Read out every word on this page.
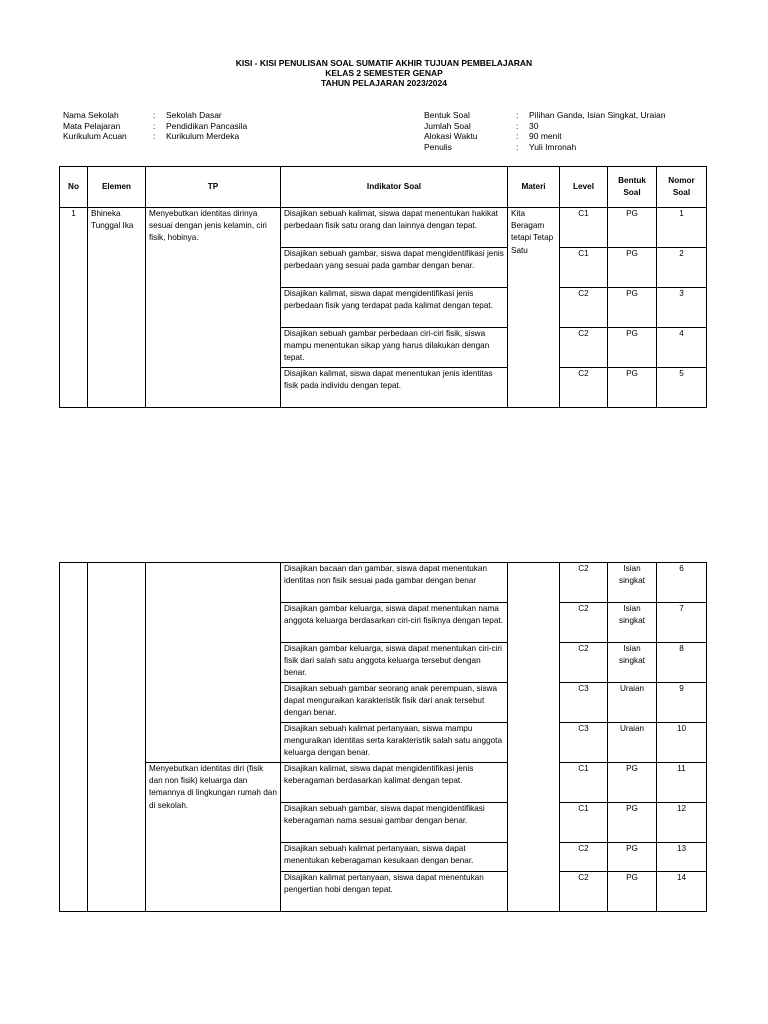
KISI - KISI PENULISAN SOAL SUMATIF AKHIR TUJUAN PEMBELAJARAN
KELAS 2 SEMESTER GENAP
TAHUN PELAJARAN 2023/2024
Nama Sekolah	:	Sekolah Dasar
Mata Pelajaran	:	Pendidikan Pancasila
Kurikulum Acuan	:	Kurikulum Merdeka
Bentuk Soal	:	Pilihan Ganda, Isian Singkat, Uraian
Jumlah Soal	:	30
Alokasi Waktu	:	90 menit
Penulis	:	Yuli Imronah
No	Elemen	TP	Indikator Soal	Materi	Level	Bentuk Soal	Nomor Soal
1	Bhineka Tunggal Ika	Menyebutkan identitas dirinya sesuai dengan jenis kelamin, ciri fisik, hobinya.	Disajikan sebuah kalimat, siswa dapat menentukan hakikat perbedaan fisik satu orang dan lainnya dengan tepat.	Kita Beragam tetapi Tetap Satu	C1	PG	1
			Disajikan sebuah gambar, siswa dapat mengidentifikasi jenis perbedaan yang sesuai pada gambar dengan benar.		C1	PG	2
			Disajikan kalimat, siswa dapat mengidentifikasi jenis perbedaan fisik yang terdapat pada kalimat dengan tepat.		C2	PG	3
			Disajikan sebuah gambar perbedaan ciri-ciri fisik, siswa mampu menentukan sikap yang harus dilakukan dengan tepat.		C2	PG	4
			Disajikan kalimat, siswa dapat menentukan jenis identitas fisik pada individu dengan tepat.		C2	PG	5
			Disajikan bacaan dan gambar, siswa dapat menentukan identitas non fisik sesuai pada gambar dengan benar		C2	Isian singkat	6
			Disajikan gambar keluarga, siswa dapat menentukan nama anggota keluarga berdasarkan ciri-ciri fisiknya dengan tepat.		C2	Isian singkat	7
			Disajikan gambar keluarga, siswa dapat menentukan ciri-ciri fisik dari salah satu anggota keluarga tersebut dengan benar.		C2	Isian singkat	8
			Disajikan sebuah gambar seorang anak perempuan, siswa dapat menguraikan karakteristik fisik dari anak tersebut dengan benar.		C3	Uraian	9
			Disajikan sebuah kalimat pertanyaan, siswa mampu menguraikan identitas serta karakteristik salah satu anggota keluarga dengan benar.		C3	Uraian	10
		Menyebutkan identitas diri (fisik dan non fisik) keluarga dan temannya di lingkungan rumah dan di sekolah.	Disajikan kalimat, siswa dapat mengidentifikasi jenis keberagaman berdasarkan kalimat dengan tepat.		C1	PG	11
			Disajikan sebuah gambar, siswa dapat mengidentifikasi keberagaman nama sesuai gambar dengan benar.		C1	PG	12
			Disajikan sebuah kalimat pertanyaan, siswa dapat menentukan keberagaman kesukaan dengan benar.		C2	PG	13
			Disajikan kalimat pertanyaan, siswa dapat menentukan pengertian hobi dengan tepat.		C2	PG	14
